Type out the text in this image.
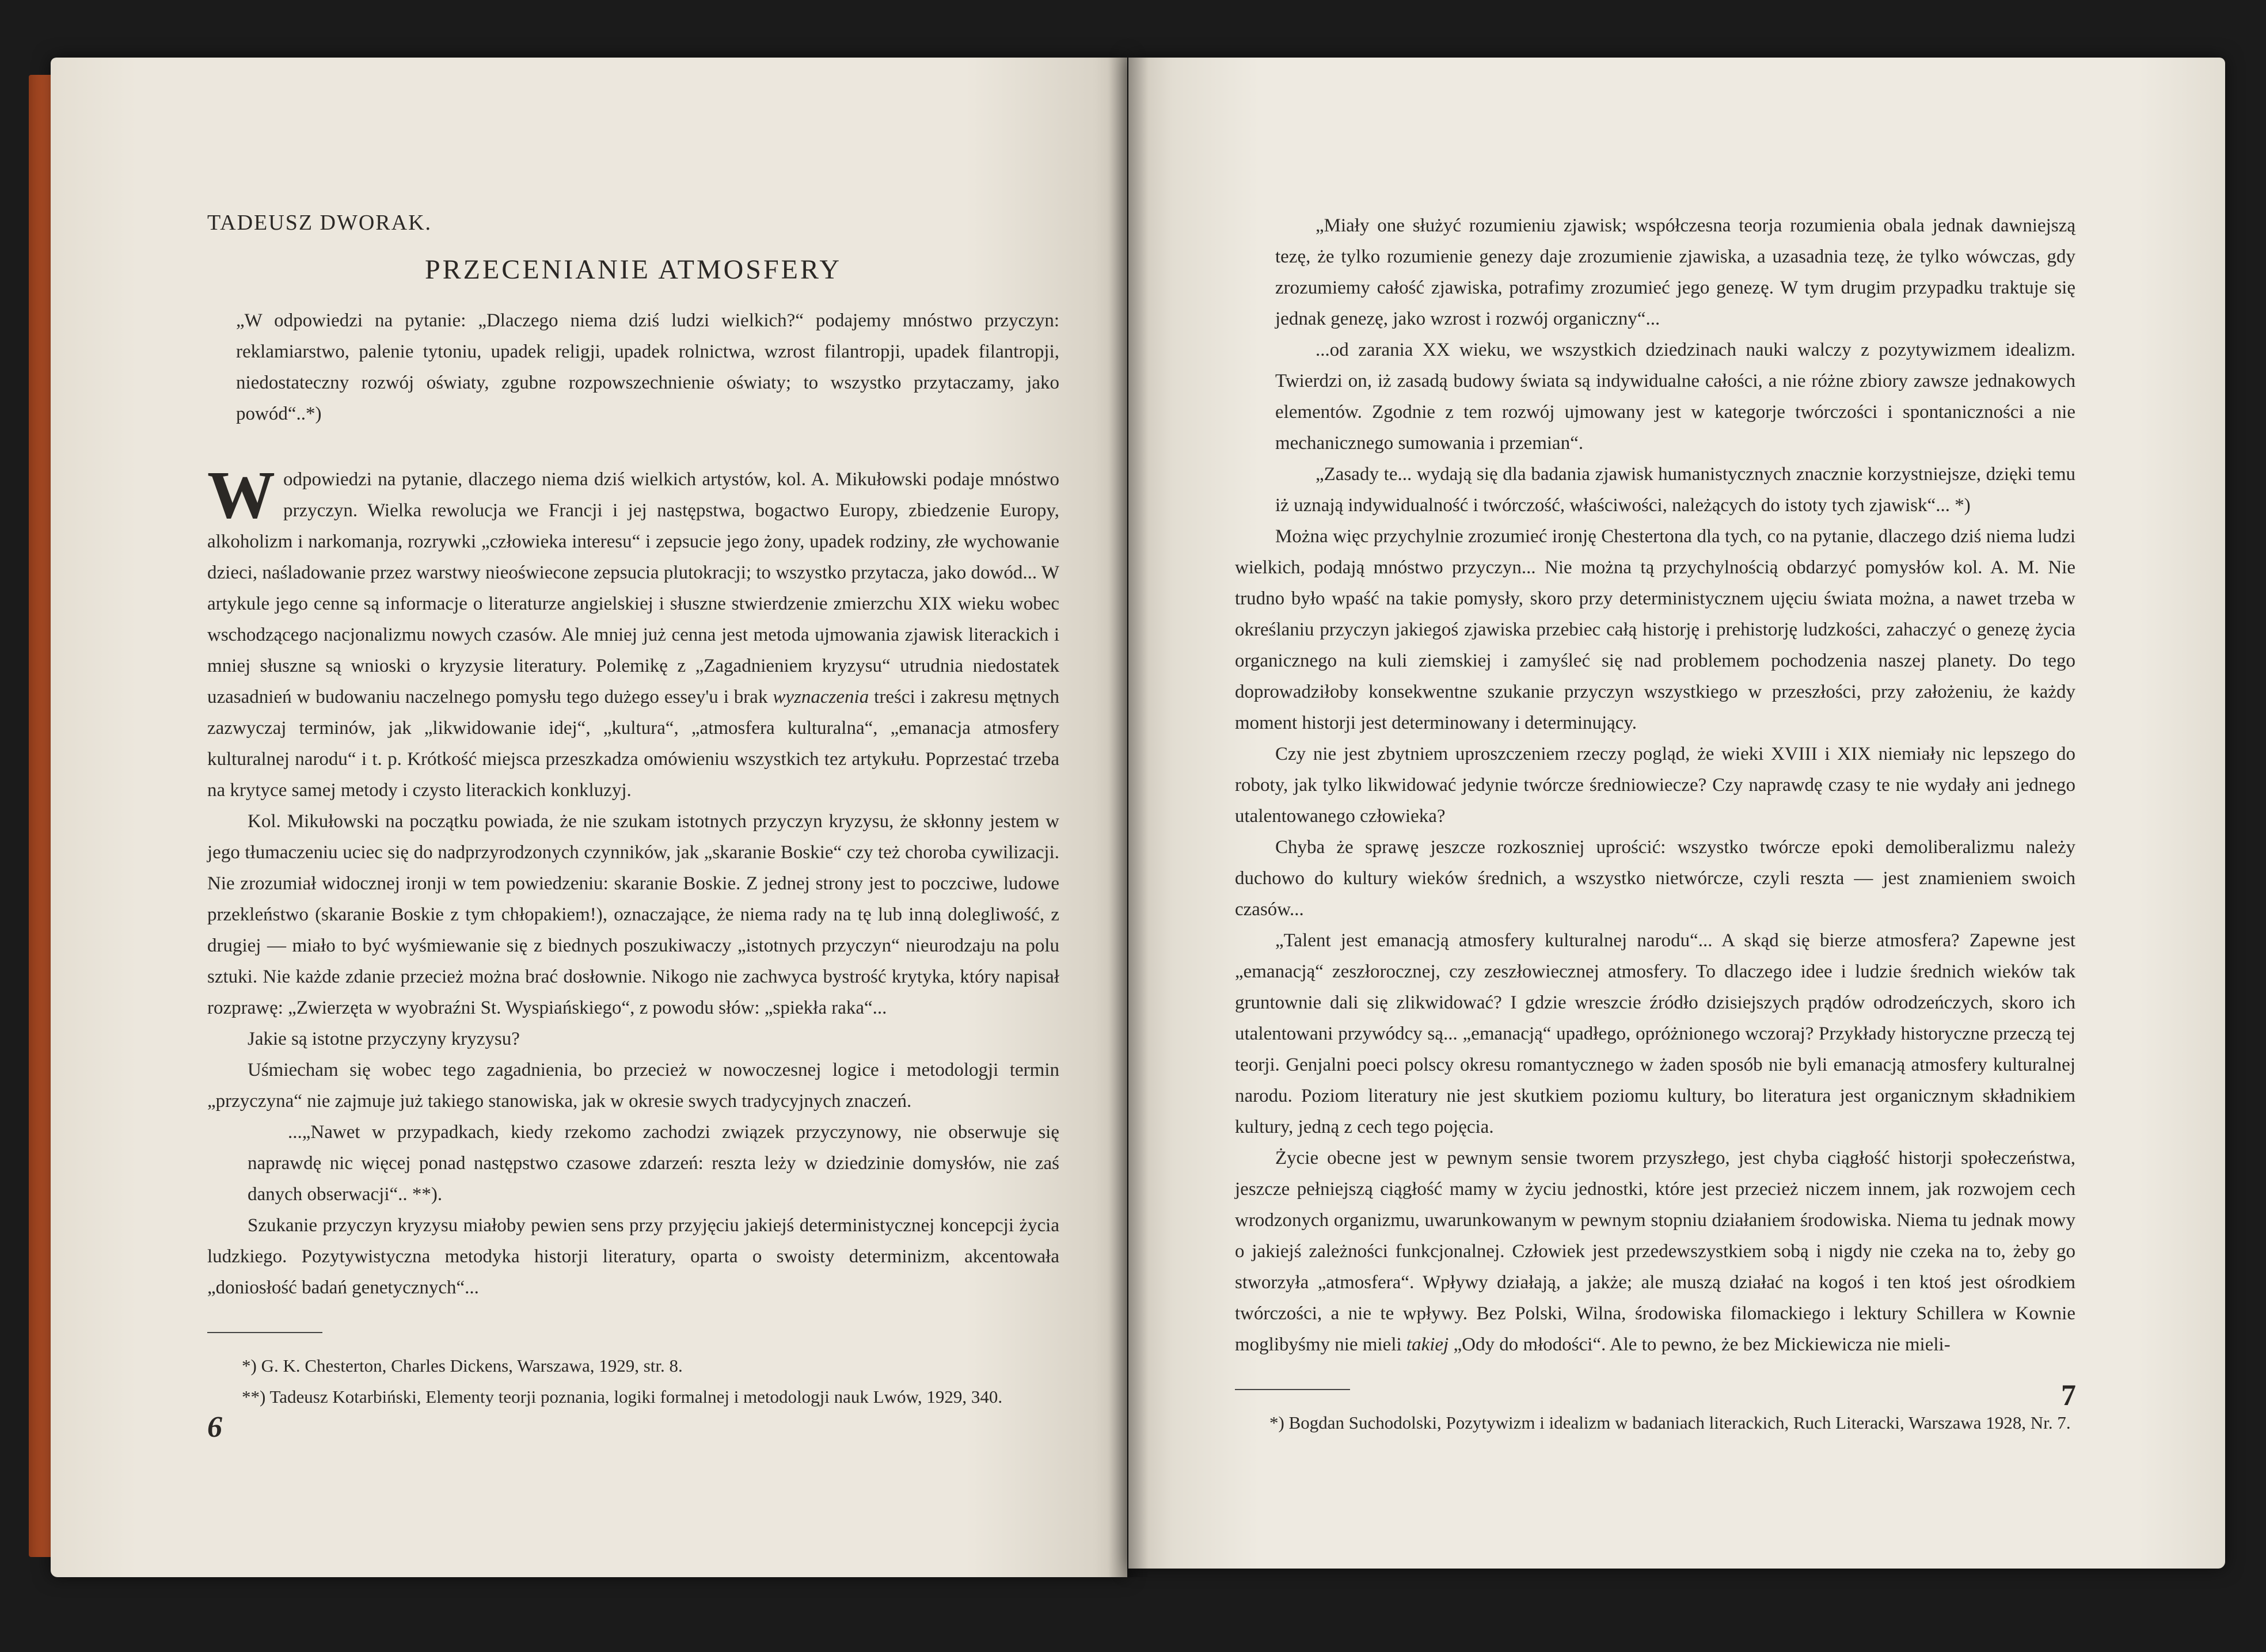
TADEUSZ DWORAK.
PRZECENIANIE ATMOSFERY

„W odpowiedzi na pytanie: „Dlaczego niema dziś ludzi wielkich?“ podajemy mnóstwo przyczyn: reklamiarstwo, palenie tytoniu, upadek religji, upadek rolnictwa, wzrost filantropji, upadek filantropji, niedostateczny rozwój oświaty, zgubne rozpowszechnienie oświaty; to wszystko przytaczamy, jako powód“..*)

Wodpowiedzi na pytanie, dlaczego niema dziś wielkich artystów, kol. A. Mikułowski podaje mnóstwo przyczyn. Wielka rewolucja we Francji i jej następstwa, bogactwo Europy, zbiedzenie Europy, alkoholizm i narkomanja, rozrywki „człowieka interesu“ i zepsucie jego żony, upadek rodziny, złe wychowanie dzieci, naśladowanie przez warstwy nieoświecone zepsucia plutokracji; to wszystko przytacza, jako dowód... W artykule jego cenne są informacje o literaturze angielskiej i słuszne stwierdzenie zmierzchu XIX wieku wobec wschodzącego nacjonalizmu nowych czasów. Ale mniej już cenna jest metoda ujmowania zjawisk literackich i mniej słuszne są wnioski o kryzysie literatury. Polemikę z „Zagadnieniem kryzysu“ utrudnia niedostatek uzasadnień w budowaniu naczelnego pomysłu tego dużego essey'u i brak wyznaczenia treści i zakresu mętnych zazwyczaj terminów, jak „likwidowanie idej“, „kultura“, „atmosfera kulturalna“, „emanacja atmosfery kulturalnej narodu“ i t. p. Krótkość miejsca przeszkadza omówieniu wszystkich tez artykułu. Poprzestać trzeba na krytyce samej metody i czysto literackich konkluzyj.

Kol. Mikułowski na początku powiada, że nie szukam istotnych przyczyn kryzysu, że skłonny jestem w jego tłumaczeniu uciec się do nadprzyrodzonych czynników, jak „skaranie Boskie“ czy też choroba cywilizacji. Nie zrozumiał widocznej ironji w tem powiedzeniu: skaranie Boskie. Z jednej strony jest to poczciwe, ludowe przekleństwo (skaranie Boskie z tym chłopakiem!), oznaczające, że niema rady na tę lub inną dolegliwość, z drugiej — miało to być wyśmiewanie się z biednych poszukiwaczy „istotnych przyczyn“ nieurodzaju na polu sztuki. Nie każde zdanie przecież można brać dosłownie. Nikogo nie zachwyca bystrość krytyka, który napisał rozprawę: „Zwierzęta w wyobraźni St. Wyspiańskiego“, z powodu słów: „spiekła raka“...

Jakie są istotne przyczyny kryzysu?

Uśmiecham się wobec tego zagadnienia, bo przecież w nowoczesnej logice i metodologji termin „przyczyna“ nie zajmuje już takiego stanowiska, jak w okresie swych tradycyjnych znaczeń.

...„Nawet w przypadkach, kiedy rzekomo zachodzi związek przyczynowy, nie obserwuje się naprawdę nic więcej ponad następstwo czasowe zdarzeń: reszta leży w dziedzinie domysłów, nie zaś danych obserwacji“.. **).

Szukanie przyczyn kryzysu miałoby pewien sens przy przyjęciu jakiejś deterministycznej koncepcji życia ludzkiego. Pozytywistyczna metodyka historji literatury, oparta o swoisty determinizm, akcentowała „doniosłość badań genetycznych“...

*) G. K. Chesterton, Charles Dickens, Warszawa, 1929, str. 8.

**) Tadeusz Kotarbiński, Elementy teorji poznania, logiki formalnej i metodologji nauk Lwów, 1929, 340.

6

„Miały one służyć rozumieniu zjawisk; współczesna teorja rozumienia obala jednak dawniejszą tezę, że tylko rozumienie genezy daje zrozumienie zjawiska, a uzasadnia tezę, że tylko wówczas, gdy zrozumiemy całość zjawiska, potrafimy zrozumieć jego genezę. W tym drugim przypadku traktuje się jednak genezę, jako wzrost i rozwój organiczny“...

...od zarania XX wieku, we wszystkich dziedzinach nauki walczy z pozytywizmem idealizm. Twierdzi on, iż zasadą budowy świata są indywidualne całości, a nie różne zbiory zawsze jednakowych elementów. Zgodnie z tem rozwój ujmowany jest w kategorje twórczości i spontaniczności a nie mechanicznego sumowania i przemian“.

„Zasady te... wydają się dla badania zjawisk humanistycznych znacznie korzystniejsze, dzięki temu iż uznają indywidualność i twórczość, właściwości, należących do istoty tych zjawisk“... *)

Można więc przychylnie zrozumieć ironję Chestertona dla tych, co na pytanie, dlaczego dziś niema ludzi wielkich, podają mnóstwo przyczyn... Nie można tą przychylnością obdarzyć pomysłów kol. A. M. Nie trudno było wpaść na takie pomysły, skoro przy deterministycznem ujęciu świata można, a nawet trzeba w określaniu przyczyn jakiegoś zjawiska przebiec całą historję i prehistorję ludzkości, zahaczyć o genezę życia organicznego na kuli ziemskiej i zamyśleć się nad problemem pochodzenia naszej planety. Do tego doprowadziłoby konsekwentne szukanie przyczyn wszystkiego w przeszłości, przy założeniu, że każdy moment historji jest determinowany i determinujący.

Czy nie jest zbytniem uproszczeniem rzeczy pogląd, że wieki XVIII i XIX niemiały nic lepszego do roboty, jak tylko likwidować jedynie twórcze średniowiecze? Czy naprawdę czasy te nie wydały ani jednego utalentowanego człowieka?

Chyba że sprawę jeszcze rozkoszniej uprościć: wszystko twórcze epoki demoliberalizmu należy duchowo do kultury wieków średnich, a wszystko nietwórcze, czyli reszta — jest znamieniem swoich czasów...

„Talent jest emanacją atmosfery kulturalnej narodu“... A skąd się bierze atmosfera? Zapewne jest „emanacją“ zeszłorocznej, czy zeszłowiecznej atmosfery. To dlaczego idee i ludzie średnich wieków tak gruntownie dali się zlikwidować? I gdzie wreszcie źródło dzisiejszych prądów odrodzeńczych, skoro ich utalentowani przywódcy są... „emanacją“ upadłego, opróżnionego wczoraj? Przykłady historyczne przeczą tej teorji. Genjalni poeci polscy okresu romantycznego w żaden sposób nie byli emanacją atmosfery kulturalnej narodu. Poziom literatury nie jest skutkiem poziomu kultury, bo literatura jest organicznym składnikiem kultury, jedną z cech tego pojęcia.

Życie obecne jest w pewnym sensie tworem przyszłego, jest chyba ciągłość historji społeczeństwa, jeszcze pełniejszą ciągłość mamy w życiu jednostki, które jest przecież niczem innem, jak rozwojem cech wrodzonych organizmu, uwarunkowanym w pewnym stopniu działaniem środowiska. Niema tu jednak mowy o jakiejś zależności funkcjonalnej. Człowiek jest przedewszystkiem sobą i nigdy nie czeka na to, żeby go stworzyła „atmosfera“. Wpływy działają, a jakże; ale muszą działać na kogoś i ten ktoś jest ośrodkiem twórczości, a nie te wpływy. Bez Polski, Wilna, środowiska filomackiego i lektury Schillera w Kownie moglibyśmy nie mieli takiej „Ody do młodości“. Ale to pewno, że bez Mickiewicza nie mieli-

*) Bogdan Suchodolski, Pozytywizm i idealizm w badaniach literackich, Ruch Literacki, Warszawa 1928, Nr. 7.

7
